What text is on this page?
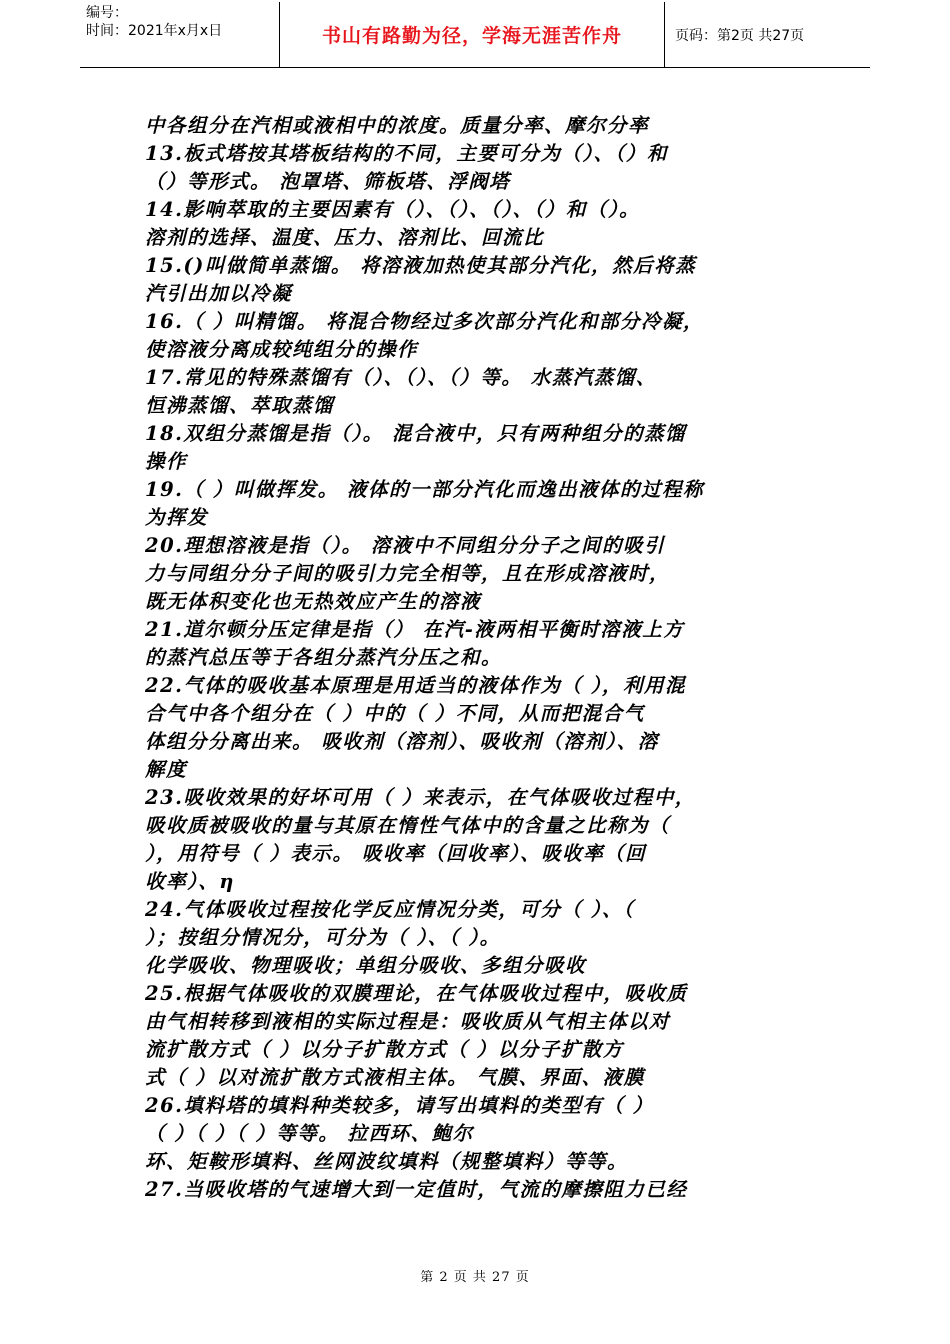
编号：
时间：2021年x月x日	书山有路勤为径，学海无涯苦作舟	页码：第2页 共27页
中各组分在汽相或液相中的浓度。质量分率、摩尔分率
13.板式塔按其塔板结构的不同，主要可分为（）、（）和
（）等形式。 泡罩塔、筛板塔、浮阀塔
14.影响萃取的主要因素有（）、（）、（）、（）和（）。
溶剂的选择、温度、压力、溶剂比、回流比
15.()叫做简单蒸馏。 将溶液加热使其部分汽化，然后将蒸
汽引出加以冷凝
16.（ ）叫精馏。 将混合物经过多次部分汽化和部分冷凝，
使溶液分离成较纯组分的操作
17.常见的特殊蒸馏有（）、（）、（）等。 水蒸汽蒸馏、
恒沸蒸馏、萃取蒸馏
18.双组分蒸馏是指（）。 混合液中，只有两种组分的蒸馏
操作
19.（ ）叫做挥发。 液体的一部分汽化而逸出液体的过程称
为挥发
20.理想溶液是指（）。 溶液中不同组分分子之间的吸引
力与同组分分子间的吸引力完全相等，且在形成溶液时，
既无体积变化也无热效应产生的溶液
21.道尔顿分压定律是指（） 在汽-液两相平衡时溶液上方
的蒸汽总压等于各组分蒸汽分压之和。
22.气体的吸收基本原理是用适当的液体作为（ ），利用混
合气中各个组分在（ ）中的（ ）不同，从而把混合气
体组分分离出来。 吸收剂（溶剂）、吸收剂（溶剂）、溶
解度
23.吸收效果的好坏可用（ ）来表示，在气体吸收过程中，
吸收质被吸收的量与其原在惰性气体中的含量之比称为（
），用符号（ ）表示。 吸收率（回收率）、吸收率（回
收率）、η
24.气体吸收过程按化学反应情况分类，可分（ ）、（
）；按组分情况分，可分为（ ）、（ ）。
化学吸收、物理吸收；单组分吸收、多组分吸收
25.根据气体吸收的双膜理论，在气体吸收过程中，吸收质
由气相转移到液相的实际过程是：吸收质从气相主体以对
流扩散方式（ ）以分子扩散方式（ ）以分子扩散方
式（ ）以对流扩散方式液相主体。 气膜、界面、液膜
26.填料塔的填料种类较多，请写出填料的类型有（ ）
（ ）（ ）（ ）等等。 拉西环、鲍尔
环、矩鞍形填料、丝网波纹填料（规整填料）等等。
27.当吸收塔的气速增大到一定值时，气流的摩擦阻力已经
第 2 页 共 27 页
